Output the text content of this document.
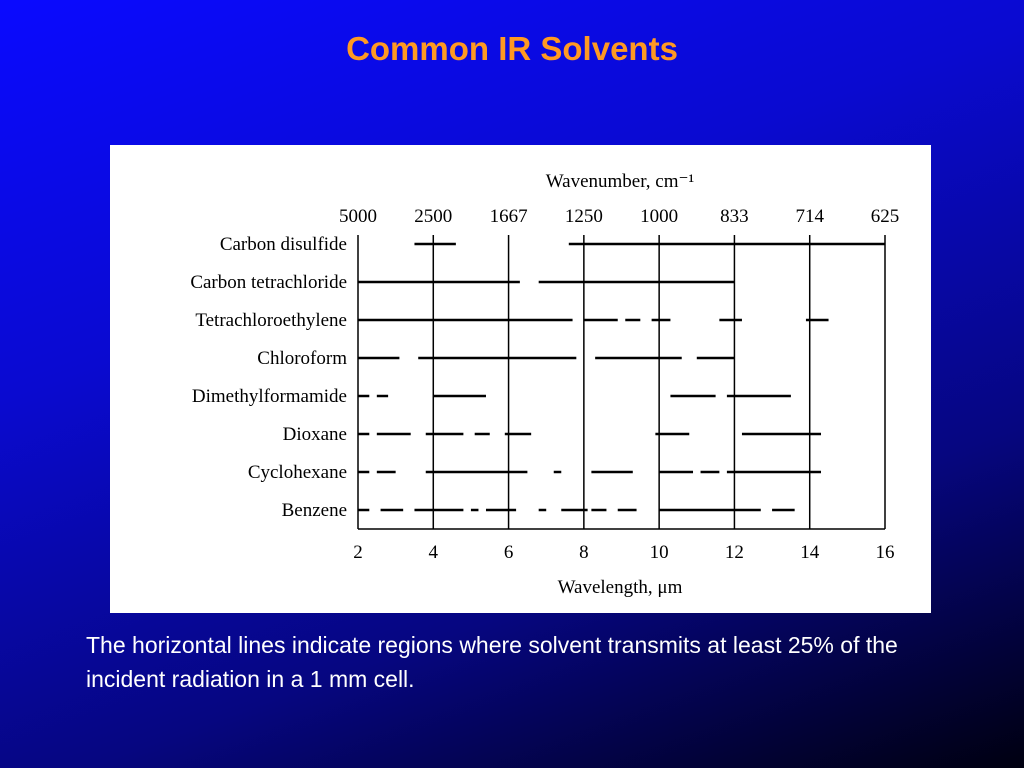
Common IR Solvents
Wavenumber, cm⁻¹
Wavelength, μm
5000 2500 1667 1250 1000 833 714 625
2	4	6	8	10	12	14	16
Carbon disulfide
Carbon tetrachloride
Tetrachloroethylene
Chloroform
Dimethylformamide
Dioxane
Cyclohexane
Benzene
The horizontal lines indicate regions where solvent transmits at least 25% of the incident radiation in a 1 mm cell.
